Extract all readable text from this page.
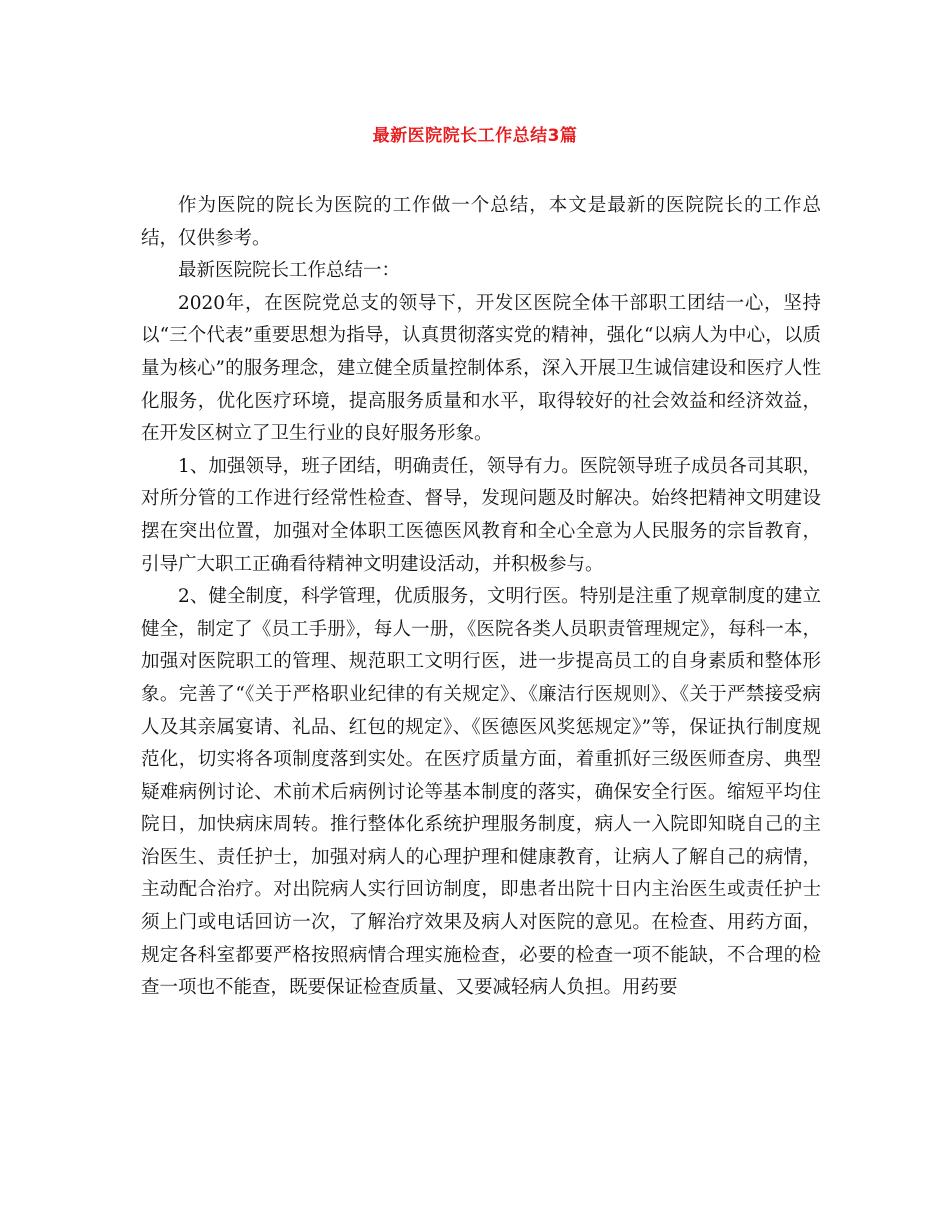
最新医院院长工作总结3篇

作为医院的院长为医院的工作做一个总结，本文是最新的医院院长的工作总结，仅供参考。

最新医院院长工作总结一：

2020年，在医院党总支的领导下，开发区医院全体干部职工团结一心，坚持以“三个代表”重要思想为指导，认真贯彻落实党的精神，强化“以病人为中心，以质量为核心”的服务理念，建立健全质量控制体系，深入开展卫生诚信建设和医疗人性化服务，优化医疗环境，提高服务质量和水平，取得较好的社会效益和经济效益，在开发区树立了卫生行业的良好服务形象。

1、加强领导，班子团结，明确责任，领导有力。医院领导班子成员各司其职，对所分管的工作进行经常性检查、督导，发现问题及时解决。始终把精神文明建设摆在突出位置，加强对全体职工医德医风教育和全心全意为人民服务的宗旨教育，引导广大职工正确看待精神文明建设活动，并积极参与。

2、健全制度，科学管理，优质服务，文明行医。特别是注重了规章制度的建立健全，制定了《员工手册》，每人一册，《医院各类人员职责管理规定》，每科一本，加强对医院职工的管理、规范职工文明行医，进一步提高员工的自身素质和整体形象。完善了“《关于严格职业纪律的有关规定》、《廉洁行医规则》、《关于严禁接受病人及其亲属宴请、礼品、红包的规定》、《医德医风奖惩规定》”等，保证执行制度规范化，切实将各项制度落到实处。在医疗质量方面，着重抓好三级医师查房、典型疑难病例讨论、术前术后病例讨论等基本制度的落实，确保安全行医。缩短平均住院日，加快病床周转。推行整体化系统护理服务制度，病人一入院即知晓自己的主治医生、责任护士，加强对病人的心理护理和健康教育，让病人了解自己的病情，主动配合治疗。对出院病人实行回访制度，即患者出院十日内主治医生或责任护士须上门或电话回访一次，了解治疗效果及病人对医院的意见。在检查、用药方面，规定各科室都要严格按照病情合理实施检查，必要的检查一项不能缺，不合理的检查一项也不能查，既要保证检查质量、又要减轻病人负担。用药要
